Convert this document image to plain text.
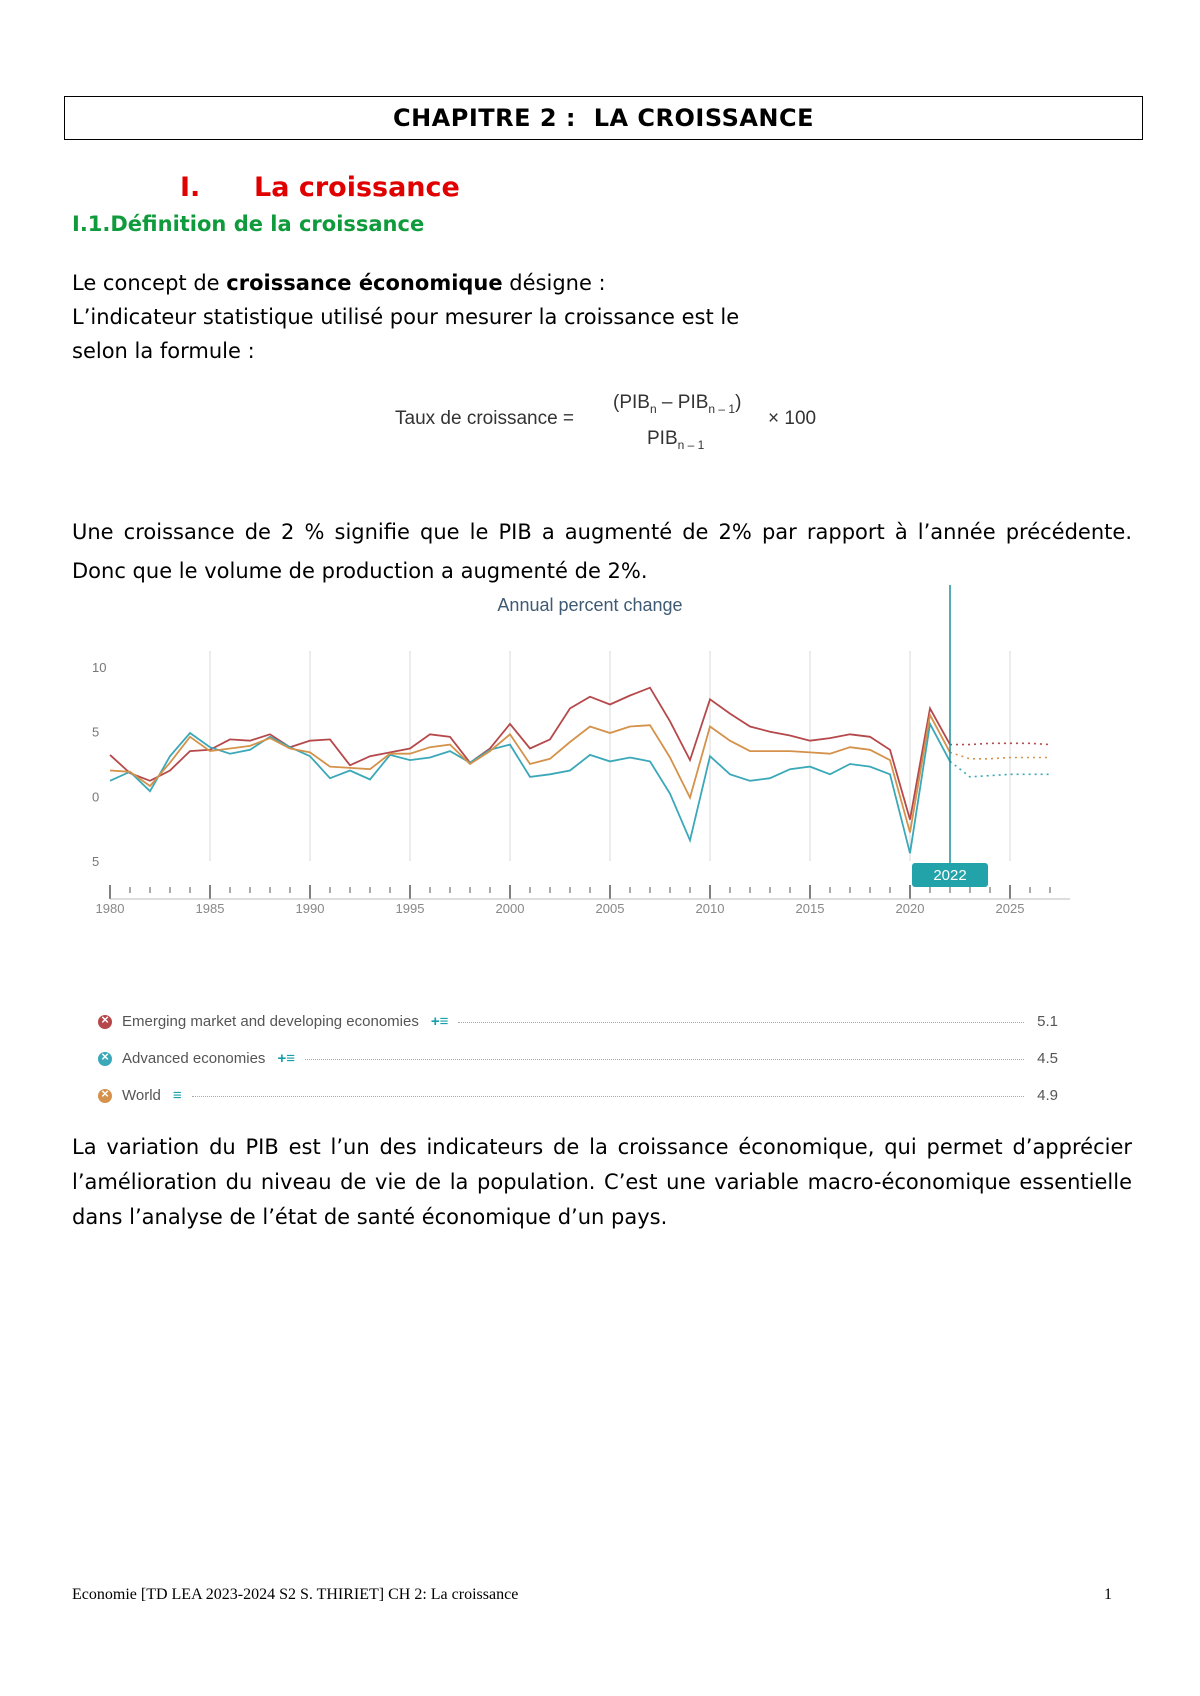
CHAPITRE 2 :  LA CROISSANCE
I. La croissance
I.1.Définition de la croissance
Le concept de croissance économique désigne :
L’indicateur statistique utilisé pour mesurer la croissance est le
selon la formule :
Taux de croissance =
$(PIB_n - PIB_{n - 1})$
$PIB_{n - 1}$
× 100
Une croissance de 2 % signifie que le PIB a augmenté de 2% par rapport à l’année précédente. Donc que le volume de production a augmenté de 2%.
Annual percent change
10
5
0
5
1980	1985	1990	1995	2000	2005	2010	2015	2020	2025
2022
×
Emerging market and developing economies +≡	5.1
×
Advanced economies +≡	4.5
×
World ≡	4.9
La variation du PIB est l’un des indicateurs de la croissance économique, qui permet d’apprécier l’amélioration du niveau de vie de la population. C’est une variable macro-économique essentielle dans l’analyse de l’état de santé économique d’un pays.
Economie [TD LEA 2023-2024 S2 S. THIRIET] CH 2: La croissance	1
